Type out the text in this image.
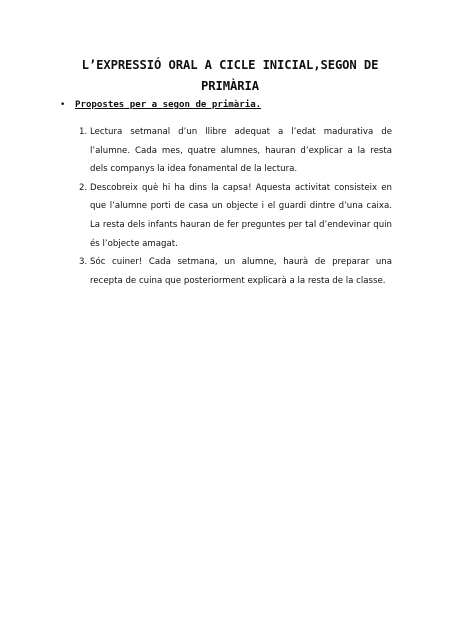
L’EXPRESSIÓ ORAL A CICLE INICIAL,SEGON DE
PRIMÀRIA
• Propostes per a segon de primària.
1. Lectura setmanal d’un llibre adequat a l’edat madurativa de l’alumne. Cada mes, quatre alumnes, hauran d’explicar a la resta dels companys la idea fonamental de la lectura.
2. Descobreix què hi ha dins la capsa! Aquesta activitat consisteix en que l’alumne porti de casa un objecte i el guardi dintre d’una caixa. La resta dels infants hauran de fer preguntes per tal d’endevinar quin és l’objecte amagat.
3. Sóc cuiner! Cada setmana, un alumne, haurà de preparar una recepta de cuina que posteriorment explicarà a la resta de la classe.
